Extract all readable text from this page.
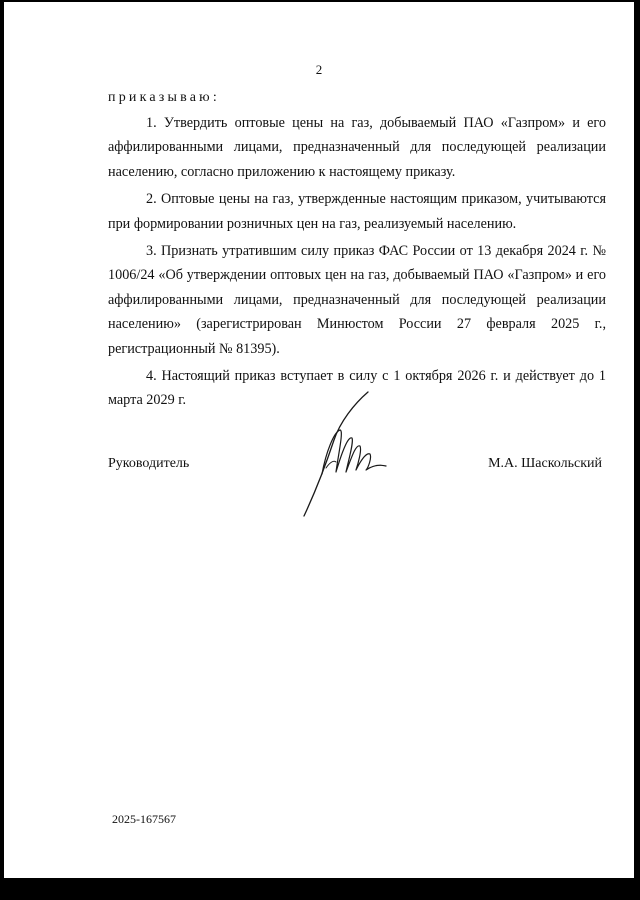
2
приказываю:

1. Утвердить оптовые цены на газ, добываемый ПАО «Газпром» и его аффилированными лицами, предназначенный для последующей реализации населению, согласно приложению к настоящему приказу.

2. Оптовые цены на газ, утвержденные настоящим приказом, учитываются при формировании розничных цен на газ, реализуемый населению.

3. Признать утратившим силу приказ ФАС России от 13 декабря 2024 г. № 1006/24 «Об утверждении оптовых цен на газ, добываемый ПАО «Газпром» и его аффилированными лицами, предназначенный для последующей реализации населению» (зарегистрирован Минюстом России 27 февраля 2025 г., регистрационный № 81395).

4. Настоящий приказ вступает в силу с 1 октября 2026 г. и действует до 1 марта 2029 г.

Руководитель	М.А. Шаскольский
2025-167567
